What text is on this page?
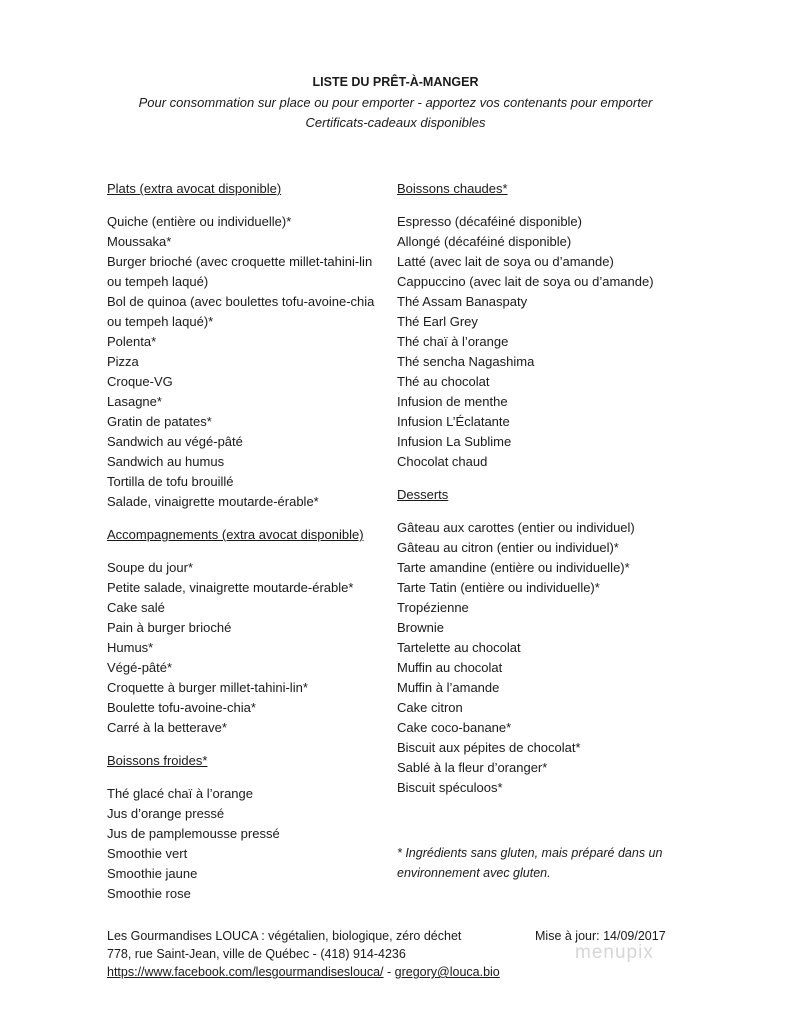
LISTE DU PRÊT-À-MANGER
Pour consommation sur place ou pour emporter - apportez vos contenants pour emporter
Certificats-cadeaux disponibles
Plats (extra avocat disponible)
Quiche (entière ou individuelle)*
Moussaka*
Burger brioché (avec croquette millet-tahini-lin
ou tempeh laqué)
Bol de quinoa (avec boulettes tofu-avoine-chia
ou tempeh laqué)*
Polenta*
Pizza
Croque-VG
Lasagne*
Gratin de patates*
Sandwich au végé-pâté
Sandwich au humus
Tortilla de tofu brouillé
Salade, vinaigrette moutarde-érable*
Accompagnements (extra avocat disponible)
Soupe du jour*
Petite salade, vinaigrette moutarde-érable*
Cake salé
Pain à burger brioché
Humus*
Végé-pâté*
Croquette à burger millet-tahini-lin*
Boulette tofu-avoine-chia*
Carré à la betterave*
Boissons froides*
Thé glacé chaï à l’orange
Jus d’orange pressé
Jus de pamplemousse pressé
Smoothie vert
Smoothie jaune
Smoothie rose
Boissons chaudes*
Espresso (décaféiné disponible)
Allongé (décaféiné disponible)
Latté (avec lait de soya ou d’amande)
Cappuccino (avec lait de soya ou d’amande)
Thé Assam Banaspaty
Thé Earl Grey
Thé chaï à l’orange
Thé sencha Nagashima
Thé au chocolat
Infusion de menthe
Infusion L’Éclatante
Infusion La Sublime
Chocolat chaud
Desserts
Gâteau aux carottes (entier ou individuel)
Gâteau au citron (entier ou individuel)*
Tarte amandine (entière ou individuelle)*
Tarte Tatin (entière ou individuelle)*
Tropézienne
Brownie
Tartelette au chocolat
Muffin au chocolat
Muffin à l’amande
Cake citron
Cake coco-banane*
Biscuit aux pépites de chocolat*
Sablé à la fleur d’oranger*
Biscuit spéculoos*
* Ingrédients sans gluten, mais préparé dans un
environnement avec gluten.
Les Gourmandises LOUCA : végétalien, biologique, zéro déchet
778, rue Saint-Jean, ville de Québec - (418) 914-4236
https://www.facebook.com/lesgourmandiseslouca/ - gregory@louca.bio
Mise à jour: 14/09/2017
menupix
